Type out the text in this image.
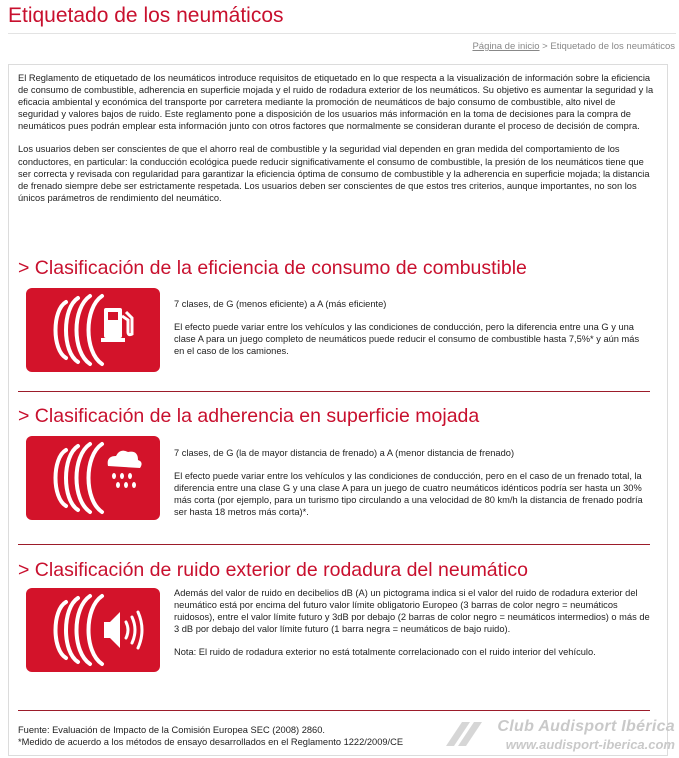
Etiquetado de los neumáticos
Página de inicio > Etiquetado de los neumáticos

El Reglamento de etiquetado de los neumáticos introduce requisitos de etiquetado en lo que respecta a la visualización de información sobre la eficiencia de consumo de combustible, adherencia en superficie mojada y el ruido de rodadura exterior de los neumáticos. Su objetivo es aumentar la seguridad y la eficacia ambiental y económica del transporte por carretera mediante la promoción de neumáticos de bajo consumo de combustible, alto nivel de seguridad y valores bajos de ruido. Este reglamento pone a disposición de los usuarios más información en la toma de decisiones para la compra de neumáticos pues podrán emplear esta información junto con otros factores que normalmente se consideran durante el proceso de decisión de compra.

Los usuarios deben ser conscientes de que el ahorro real de combustible y la seguridad vial dependen en gran medida del comportamiento de los conductores, en particular: la conducción ecológica puede reducir significativamente el consumo de combustible, la presión de los neumáticos tiene que ser correcta y revisada con regularidad para garantizar la eficiencia óptima de consumo de combustible y la adherencia en superficie mojada; la distancia de frenado siempre debe ser estrictamente respetada. Los usuarios deben ser conscientes de que estos tres criterios, aunque importantes, no son los únicos parámetros de rendimiento del neumático.

> Clasificación de la eficiencia de consumo de combustible

7 clases, de G (menos eficiente) a A (más eficiente)

El efecto puede variar entre los vehículos y las condiciones de conducción, pero la diferencia entre una G y una clase A para un juego completo de neumáticos puede reducir el consumo de combustible hasta 7,5%* y aún más en el caso de los camiones.

> Clasificación de la adherencia en superficie mojada

7 clases, de G (la de mayor distancia de frenado) a A (menor distancia de frenado)

El efecto puede variar entre los vehículos y las condiciones de conducción, pero en el caso de un frenado total, la diferencia entre una clase G y una clase A para un juego de cuatro neumáticos idénticos podría ser hasta un 30% más corta (por ejemplo, para un turismo tipo circulando a una velocidad de 80 km/h la distancia de frenado podría ser hasta 18 metros más corta)*.

> Clasificación de ruido exterior de rodadura del neumático

Además del valor de ruido en decibelios dB (A) un pictograma indica si el valor del ruido de rodadura exterior del neumático está por encima del futuro valor límite obligatorio Europeo (3 barras de color negro = neumáticos ruidosos), entre el valor límite futuro y 3dB por debajo (2 barras de color negro = neumáticos intermedios) o más de 3 dB por debajo del valor límite futuro (1 barra negra = neumáticos de bajo ruido).

Nota: El ruido de rodadura exterior no está totalmente correlacionado con el ruido interior del vehículo.

Fuente: Evaluación de Impacto de la Comisión Europea SEC (2008) 2860.
*Medido de acuerdo a los métodos de ensayo desarrollados en el Reglamento 1222/2009/CE
Club Audisport Ibérica
www.audisport-iberica.com
